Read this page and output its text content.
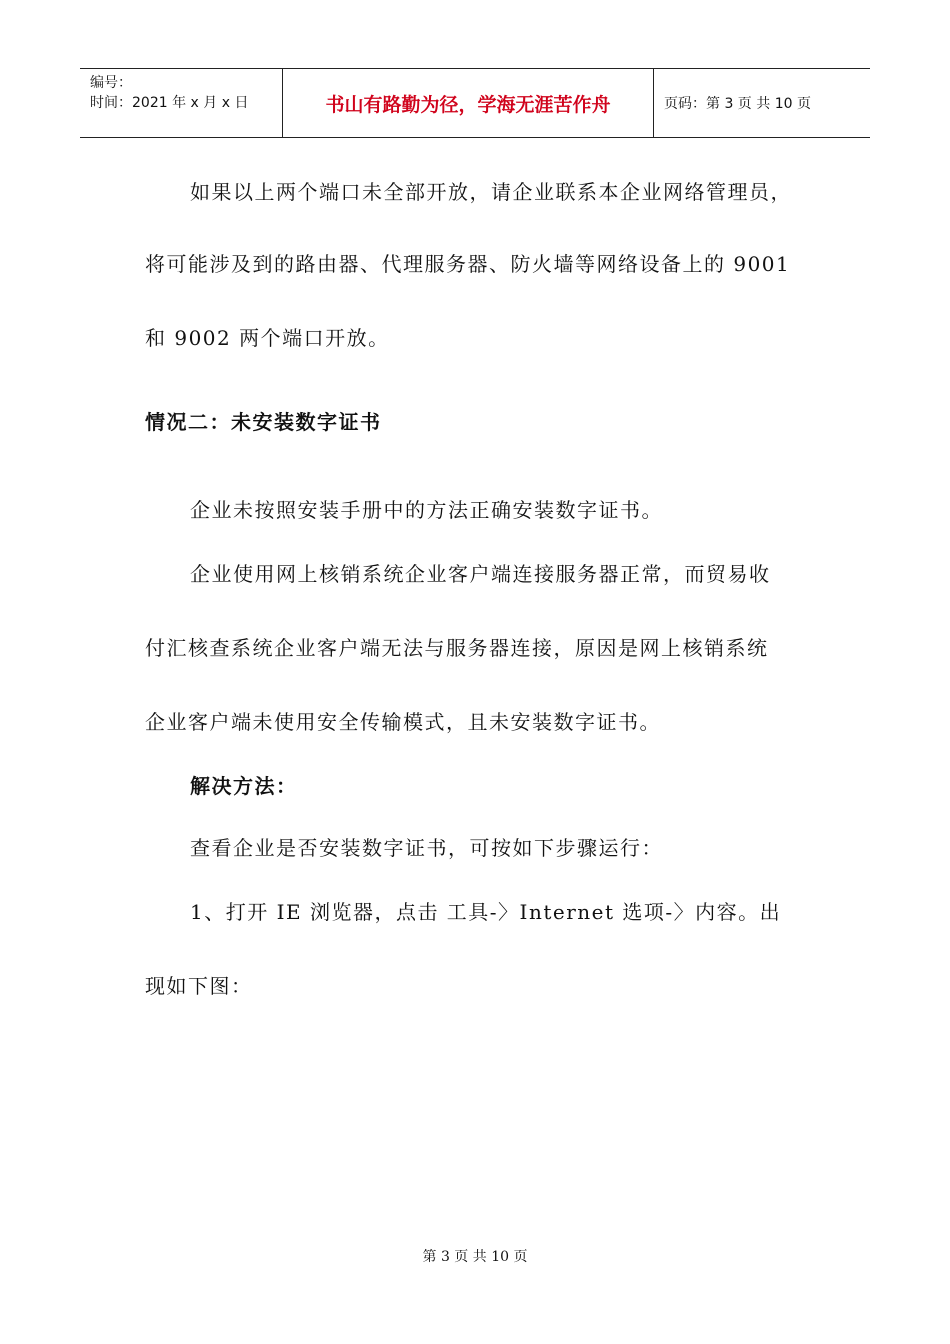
编号：
时间：2021 年 x 月 x 日	书山有路勤为径，学海无涯苦作舟	页码：第 3 页 共 10 页
如果以上两个端口未全部开放，请企业联系本企业网络管理员，
将可能涉及到的路由器、代理服务器、防火墙等网络设备上的 9001
和 9002 两个端口开放。
情况二：未安装数字证书
企业未按照安装手册中的方法正确安装数字证书。
企业使用网上核销系统企业客户端连接服务器正常，而贸易收
付汇核查系统企业客户端无法与服务器连接，原因是网上核销系统
企业客户端未使用安全传输模式，且未安装数字证书。
解决方法：
查看企业是否安装数字证书，可按如下步骤运行：
1、打开 IE 浏览器，点击 工具-〉Internet 选项-〉内容。出
现如下图：
第 3 页 共 10 页
